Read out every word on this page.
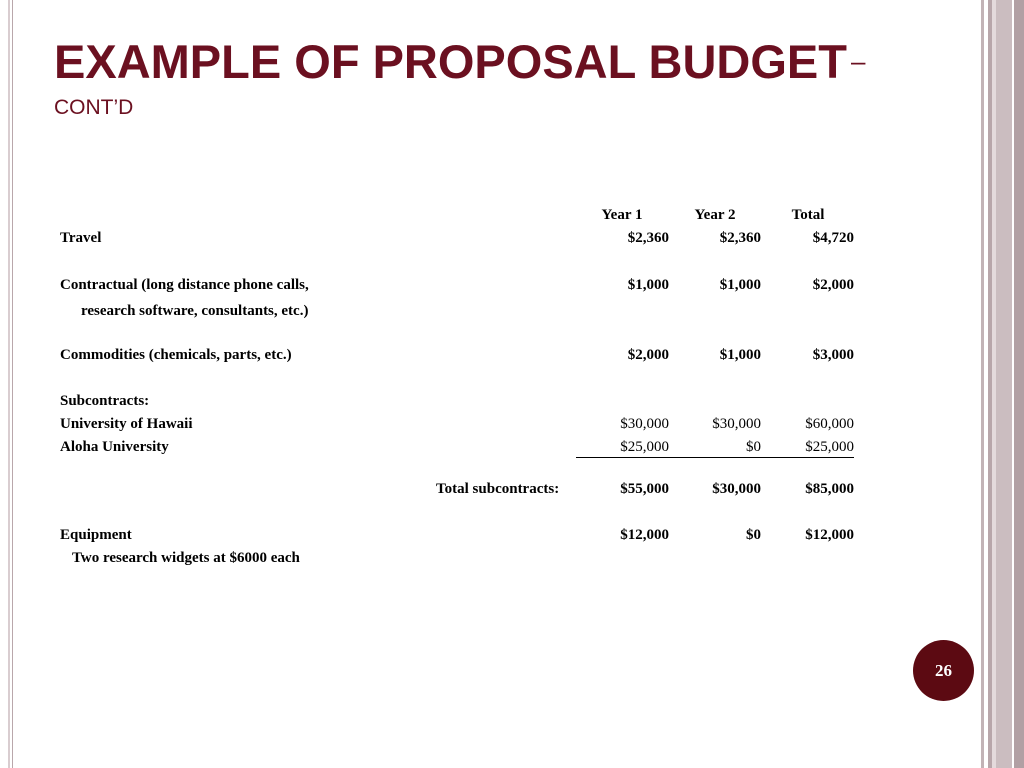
EXAMPLE OF PROPOSAL BUDGET –
CONT’D
Year 1	Year 2	Total
Travel	$2,360	$2,360	$4,720
Contractual (long distance phone calls,	$1,000	$1,000	$2,000
research software, consultants, etc.)
Commodities (chemicals, parts, etc.)	$2,000	$1,000	$3,000
Subcontracts:
University of Hawaii	$30,000	$30,000	$60,000
Aloha University	$25,000	$0	$25,000
Total subcontracts:	$55,000	$30,000	$85,000
Equipment	$12,000	$0	$12,000
Two research widgets at $6000 each
26
